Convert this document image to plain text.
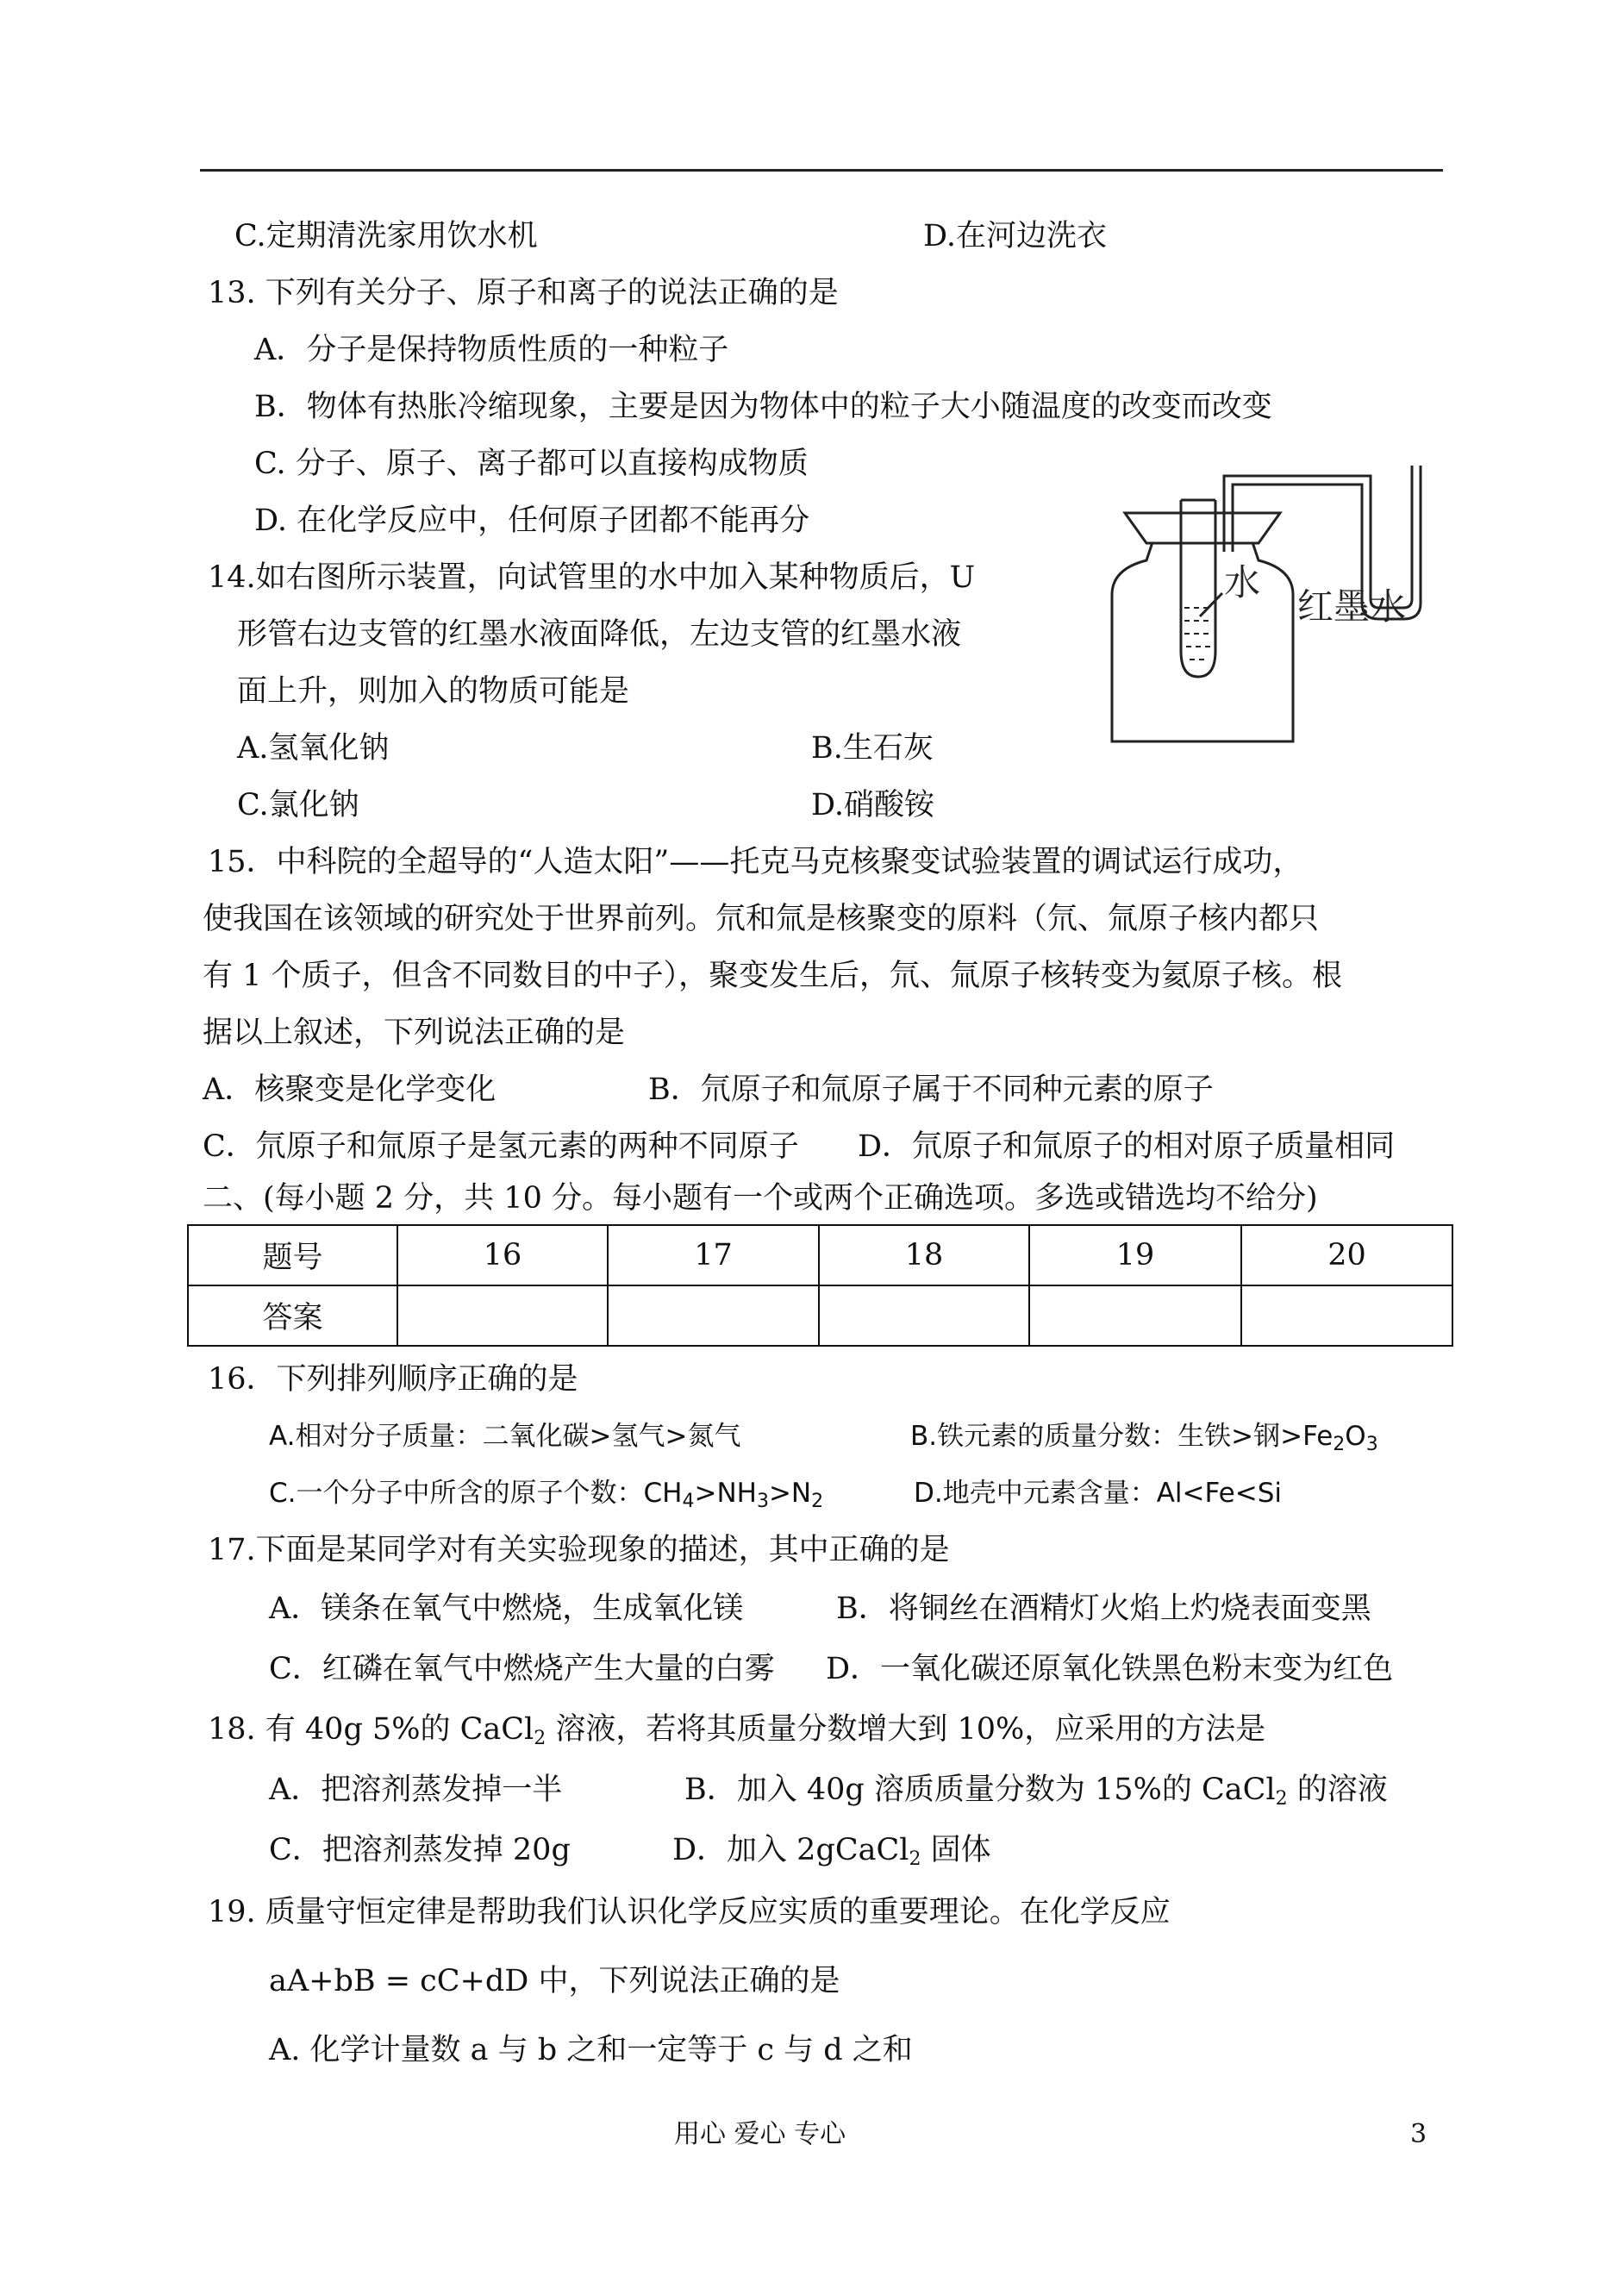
C.定期清洗家用饮水机	D.在河边洗衣
13. 下列有关分子、原子和离子的说法正确的是
A．分子是保持物质性质的一种粒子
B．物体有热胀冷缩现象，主要是因为物体中的粒子大小随温度的改变而改变
C. 分子、原子、离子都可以直接构成物质
D. 在化学反应中，任何原子团都不能再分
14.如右图所示装置，向试管里的水中加入某种物质后，U
形管右边支管的红墨水液面降低，左边支管的红墨水液
面上升，则加入的物质可能是
A.氢氧化钠	B.生石灰
C.氯化钠	D.硝酸铵
水
红墨水
15．中科院的全超导的“人造太阳”——托克马克核聚变试验装置的调试运行成功，
使我国在该领域的研究处于世界前列。氘和氚是核聚变的原料（氘、氚原子核内都只
有 1 个质子，但含不同数目的中子），聚变发生后，氘、氚原子核转变为氦原子核。根
据以上叙述，下列说法正确的是
A．核聚变是化学变化	B．氘原子和氚原子属于不同种元素的原子
C．氘原子和氚原子是氢元素的两种不同原子 D．氘原子和氚原子的相对原子质量相同
二、(每小题 2 分，共 10 分。每小题有一个或两个正确选项。多选或错选均不给分)
题号	16	17	18	19	20
答案					
16．下列排列顺序正确的是
A.相对分子质量：二氧化碳>氢气>氮气	B.铁元素的质量分数：生铁>钢$>Fe_2O_3$
C.一个分子中所含的原子个数：$CH_4>NH_3>N_2$	D.地壳中元素含量：Al<Fe<Si
17.下面是某同学对有关实验现象的描述，其中正确的是
A．镁条在氧气中燃烧，生成氧化镁	B．将铜丝在酒精灯火焰上灼烧表面变黑
C．红磷在氧气中燃烧产生大量的白雾 D．一氧化碳还原氧化铁黑色粉末变为红色
18. 有 40g 5%的 CaCl$_2$ 溶液，若将其质量分数增大到 10%，应采用的方法是
A．把溶剂蒸发掉一半	B．加入 40g 溶质质量分数为 15%的 CaCl$_2$ 的溶液
C．把溶剂蒸发掉 20g	D．加入 2gCaCl$_2$ 固体
19. 质量守恒定律是帮助我们认识化学反应实质的重要理论。在化学反应
aA+bB = cC+dD 中，下列说法正确的是
A. 化学计量数 a 与 b 之和一定等于 c 与 d 之和
用心 爱心 专心	3
